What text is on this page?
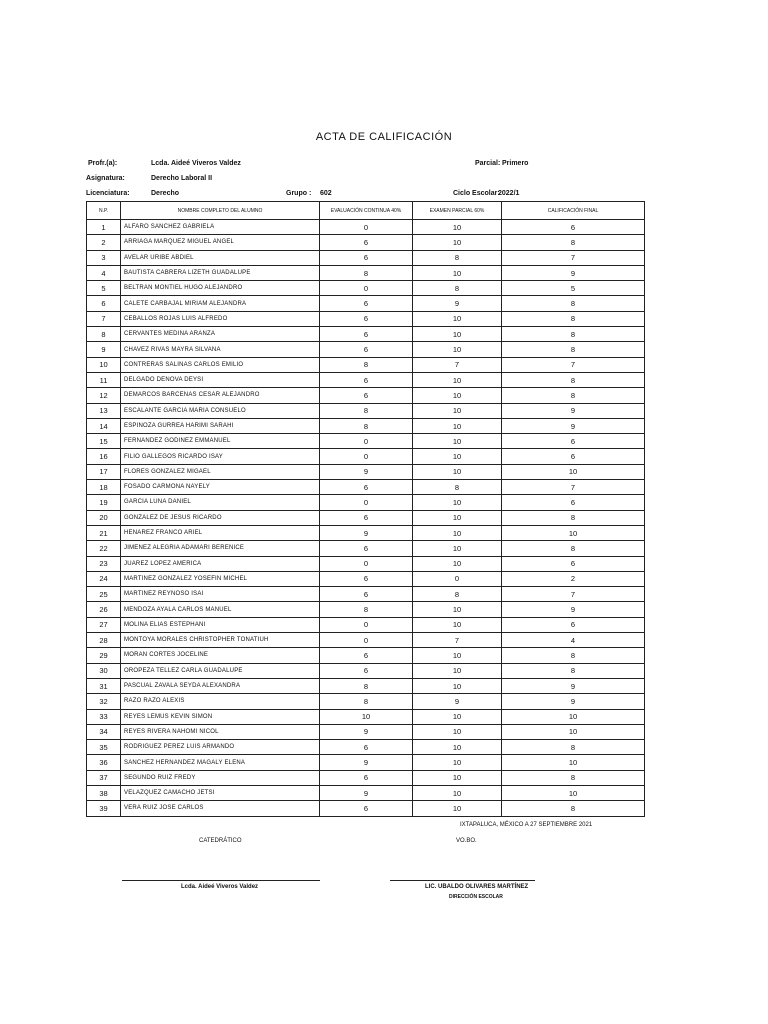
ACTA DE CALIFICACIÓN
Profr.(a):	Lcda. Aideé Viveros Valdez	Parcial: Primero
Asignatura:	Derecho Laboral II
Licenciatura:	Derecho	Grupo : 602	Ciclo Escolar:
2022/1
N.P.	NOMBRE COMPLETO DEL ALUMNO	EVALUACIÓN CONTINUA 40%	EXAMEN PARCIAL 60%	CALIFICACIÓN FINAL
1	ALFARO SANCHEZ GABRIELA	0	10	6
2	ARRIAGA MARQUEZ MIGUEL ANGEL	6	10	8
3	AVELAR URIBE ABDIEL	6	8	7
4	BAUTISTA CABRERA LIZETH GUADALUPE	8	10	9
5	BELTRAN MONTIEL HUGO ALEJANDRO	0	8	5
6	CALETE CARBAJAL MIRIAM ALEJANDRA	6	9	8
7	CEBALLOS ROJAS LUIS ALFREDO	6	10	8
8	CERVANTES MEDINA ARANZA	6	10	8
9	CHAVEZ RIVAS MAYRA SILVANA	6	10	8
10	CONTRERAS SALINAS CARLOS EMILIO	8	7	7
11	DELGADO DENOVA DEYSI	6	10	8
12	DEMARCOS BARCENAS CESAR ALEJANDRO	6	10	8
13	ESCALANTE GARCIA MARIA CONSUELO	8	10	9
14	ESPINOZA GURREA HARIMI SARAHI	8	10	9
15	FERNANDEZ GODINEZ EMMANUEL	0	10	6
16	FILIO GALLEGOS RICARDO ISAY	0	10	6
17	FLORES GONZALEZ MIGAEL	9	10	10
18	FOSADO CARMONA NAYELY	6	8	7
19	GARCIA LUNA DANIEL	0	10	6
20	GONZALEZ DE JESUS RICARDO	6	10	8
21	HENAREZ FRANCO ARIEL	9	10	10
22	JIMENEZ ALEGRIA ADAMARI BERENICE	6	10	8
23	JUAREZ LOPEZ AMERICA	0	10	6
24	MARTINEZ GONZALEZ YOSEFIN MICHEL	6	0	2
25	MARTINEZ REYNOSO ISAI	6	8	7
26	MENDOZA AYALA CARLOS MANUEL	8	10	9
27	MOLINA ELIAS ESTEPHANI	0	10	6
28	MONTOYA MORALES CHRISTOPHER TONATIUH	0	7	4
29	MORAN CORTES JOCELINE	6	10	8
30	OROPEZA TELLEZ CARLA GUADALUPE	6	10	8
31	PASCUAL ZAVALA SEYDA ALEXANDRA	8	10	9
32	RAZO RAZO ALEXIS	8	9	9
33	REYES LEMUS KEVIN SIMON	10	10	10
34	REYES RIVERA NAHOMI NICOL	9	10	10
35	RODRIGUEZ PEREZ LUIS ARMANDO	6	10	8
36	SANCHEZ HERNANDEZ MAGALY ELENA	9	10	10
37	SEGUNDO RUIZ FREDY	6	10	8
38	VELAZQUEZ CAMACHO JETSI	9	10	10
39	VERA RUIZ JOSE CARLOS	6	10	8
IXTAPALUCA, MÉXICO A 27 SEPTIEMBRE 2021
CATEDRÁTICO	VO.BO.
Lcda. Aideé Viveros Valdez	LIC. UBALDO OLIVARES MARTÍNEZ
DIRECCIÓN ESCOLAR
